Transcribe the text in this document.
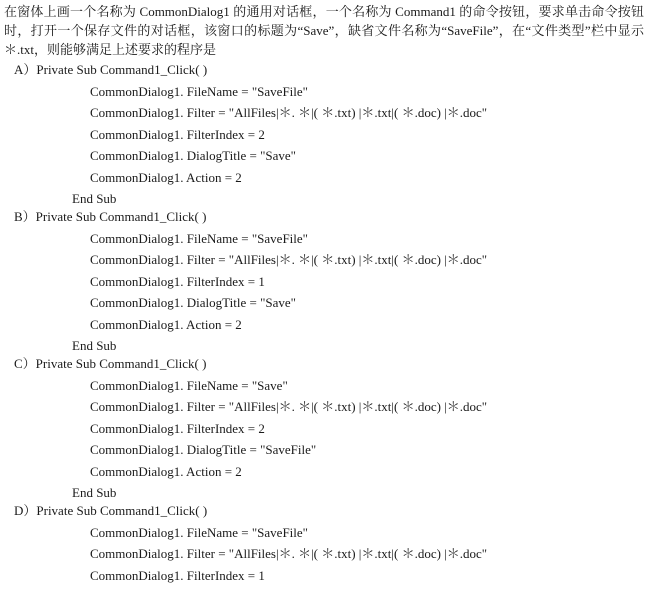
在窗体上画一个名称为 CommonDialog1 的通用对话框，一个名称为 Command1 的命令按钮，要求单击命令按钮时，打开一个保存文件的对话框，该窗口的标题为“Save”，缺省文件名称为“SaveFile”，在“文件类型”栏中显示＊.txt，则能够满足上述要求的程序是

A）Private Sub Command1_Click( )
CommonDialog1. FileName = "SaveFile"
CommonDialog1. Filter = "AllFiles|＊. ＊|( ＊.txt) |＊.txt|( ＊.doc) |＊.doc"
CommonDialog1. FilterIndex = 2
CommonDialog1. DialogTitle = "Save"
CommonDialog1. Action = 2
End Sub
B）Private Sub Command1_Click( )
CommonDialog1. FileName = "SaveFile"
CommonDialog1. Filter = "AllFiles|＊. ＊|( ＊.txt) |＊.txt|( ＊.doc) |＊.doc"
CommonDialog1. FilterIndex = 1
CommonDialog1. DialogTitle = "Save"
CommonDialog1. Action = 2
End Sub
C）Private Sub Command1_Click( )
CommonDialog1. FileName = "Save"
CommonDialog1. Filter = "AllFiles|＊. ＊|( ＊.txt) |＊.txt|( ＊.doc) |＊.doc"
CommonDialog1. FilterIndex = 2
CommonDialog1. DialogTitle = "SaveFile"
CommonDialog1. Action = 2
End Sub
D）Private Sub Command1_Click( )
CommonDialog1. FileName = "SaveFile"
CommonDialog1. Filter = "AllFiles|＊. ＊|( ＊.txt) |＊.txt|( ＊.doc) |＊.doc"
CommonDialog1. FilterIndex = 1
